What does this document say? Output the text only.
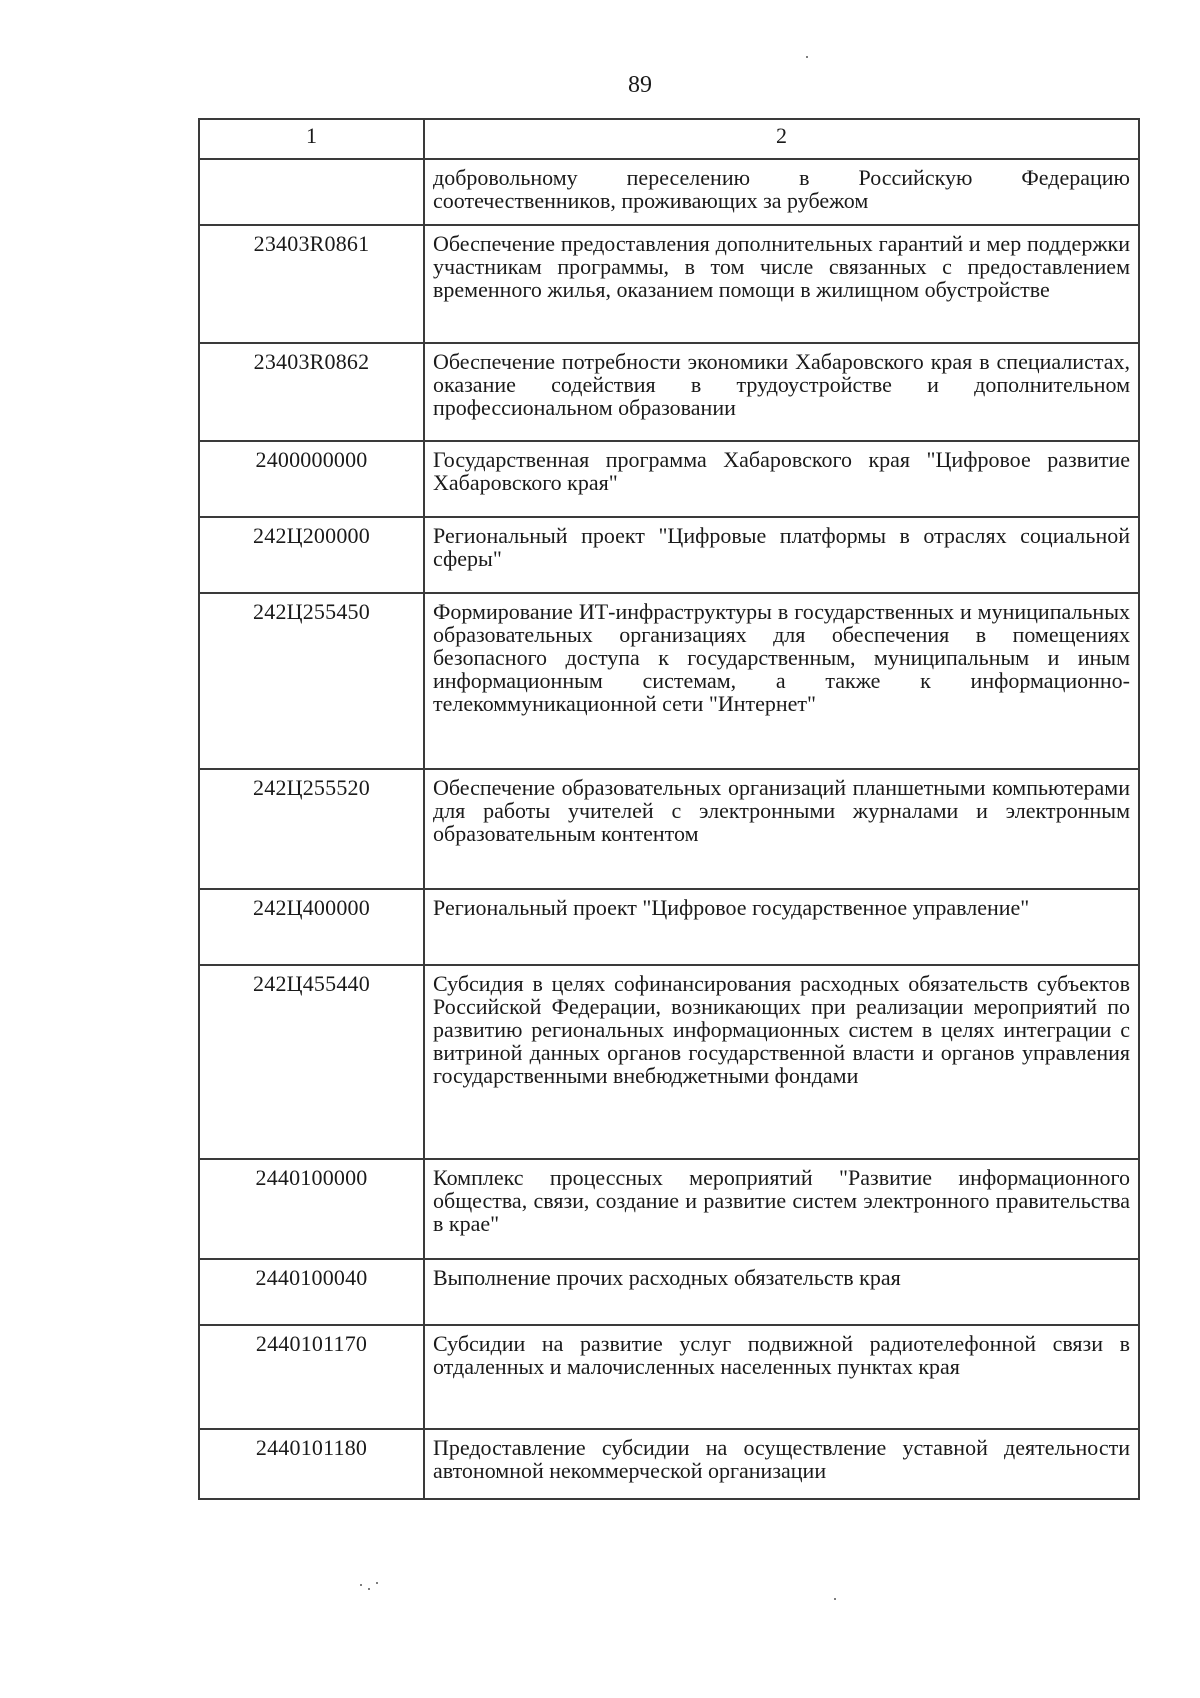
89
1	2
	добровольному переселению в Российскую Федерацию соотечественников, проживающих за рубежом
23403R0861	Обеспечение предоставления дополнительных гарантий и мер поддержки участникам программы, в том числе связанных с предоставлением временного жилья, оказанием помощи в жилищном обустройстве
23403R0862	Обеспечение потребности экономики Хабаровского края в специалистах, оказание содействия в трудоустройстве и дополнительном профессиональном образовании
2400000000	Государственная программа Хабаровского края "Цифровое развитие Хабаровского края"
242Ц200000	Региональный проект "Цифровые платформы в отраслях социальной сферы"
242Ц255450	Формирование ИТ-инфраструктуры в государственных и муниципальных образовательных организациях для обеспечения в помещениях безопасного доступа к государственным, муниципальным и иным информационным системам, а также к информационно-телекоммуникационной сети "Интернет"
242Ц255520	Обеспечение образовательных организаций планшетными компьютерами для работы учителей с электронными журналами и электронным образовательным контентом
242Ц400000	Региональный проект "Цифровое государственное управление"
242Ц455440	Субсидия в целях софинансирования расходных обязательств субъектов Российской Федерации, возникающих при реализации мероприятий по развитию региональных информационных систем в целях интеграции с витриной данных органов государственной власти и органов управления государственными внебюджетными фондами
2440100000	Комплекс процессных мероприятий "Развитие информационного общества, связи, создание и развитие систем электронного правительства в крае"
2440100040	Выполнение прочих расходных обязательств края
2440101170	Субсидии на развитие услуг подвижной радиотелефонной связи в отдаленных и малочисленных населенных пунктах края
2440101180	Предоставление субсидии на осуществление уставной деятельности автономной некоммерческой организации
